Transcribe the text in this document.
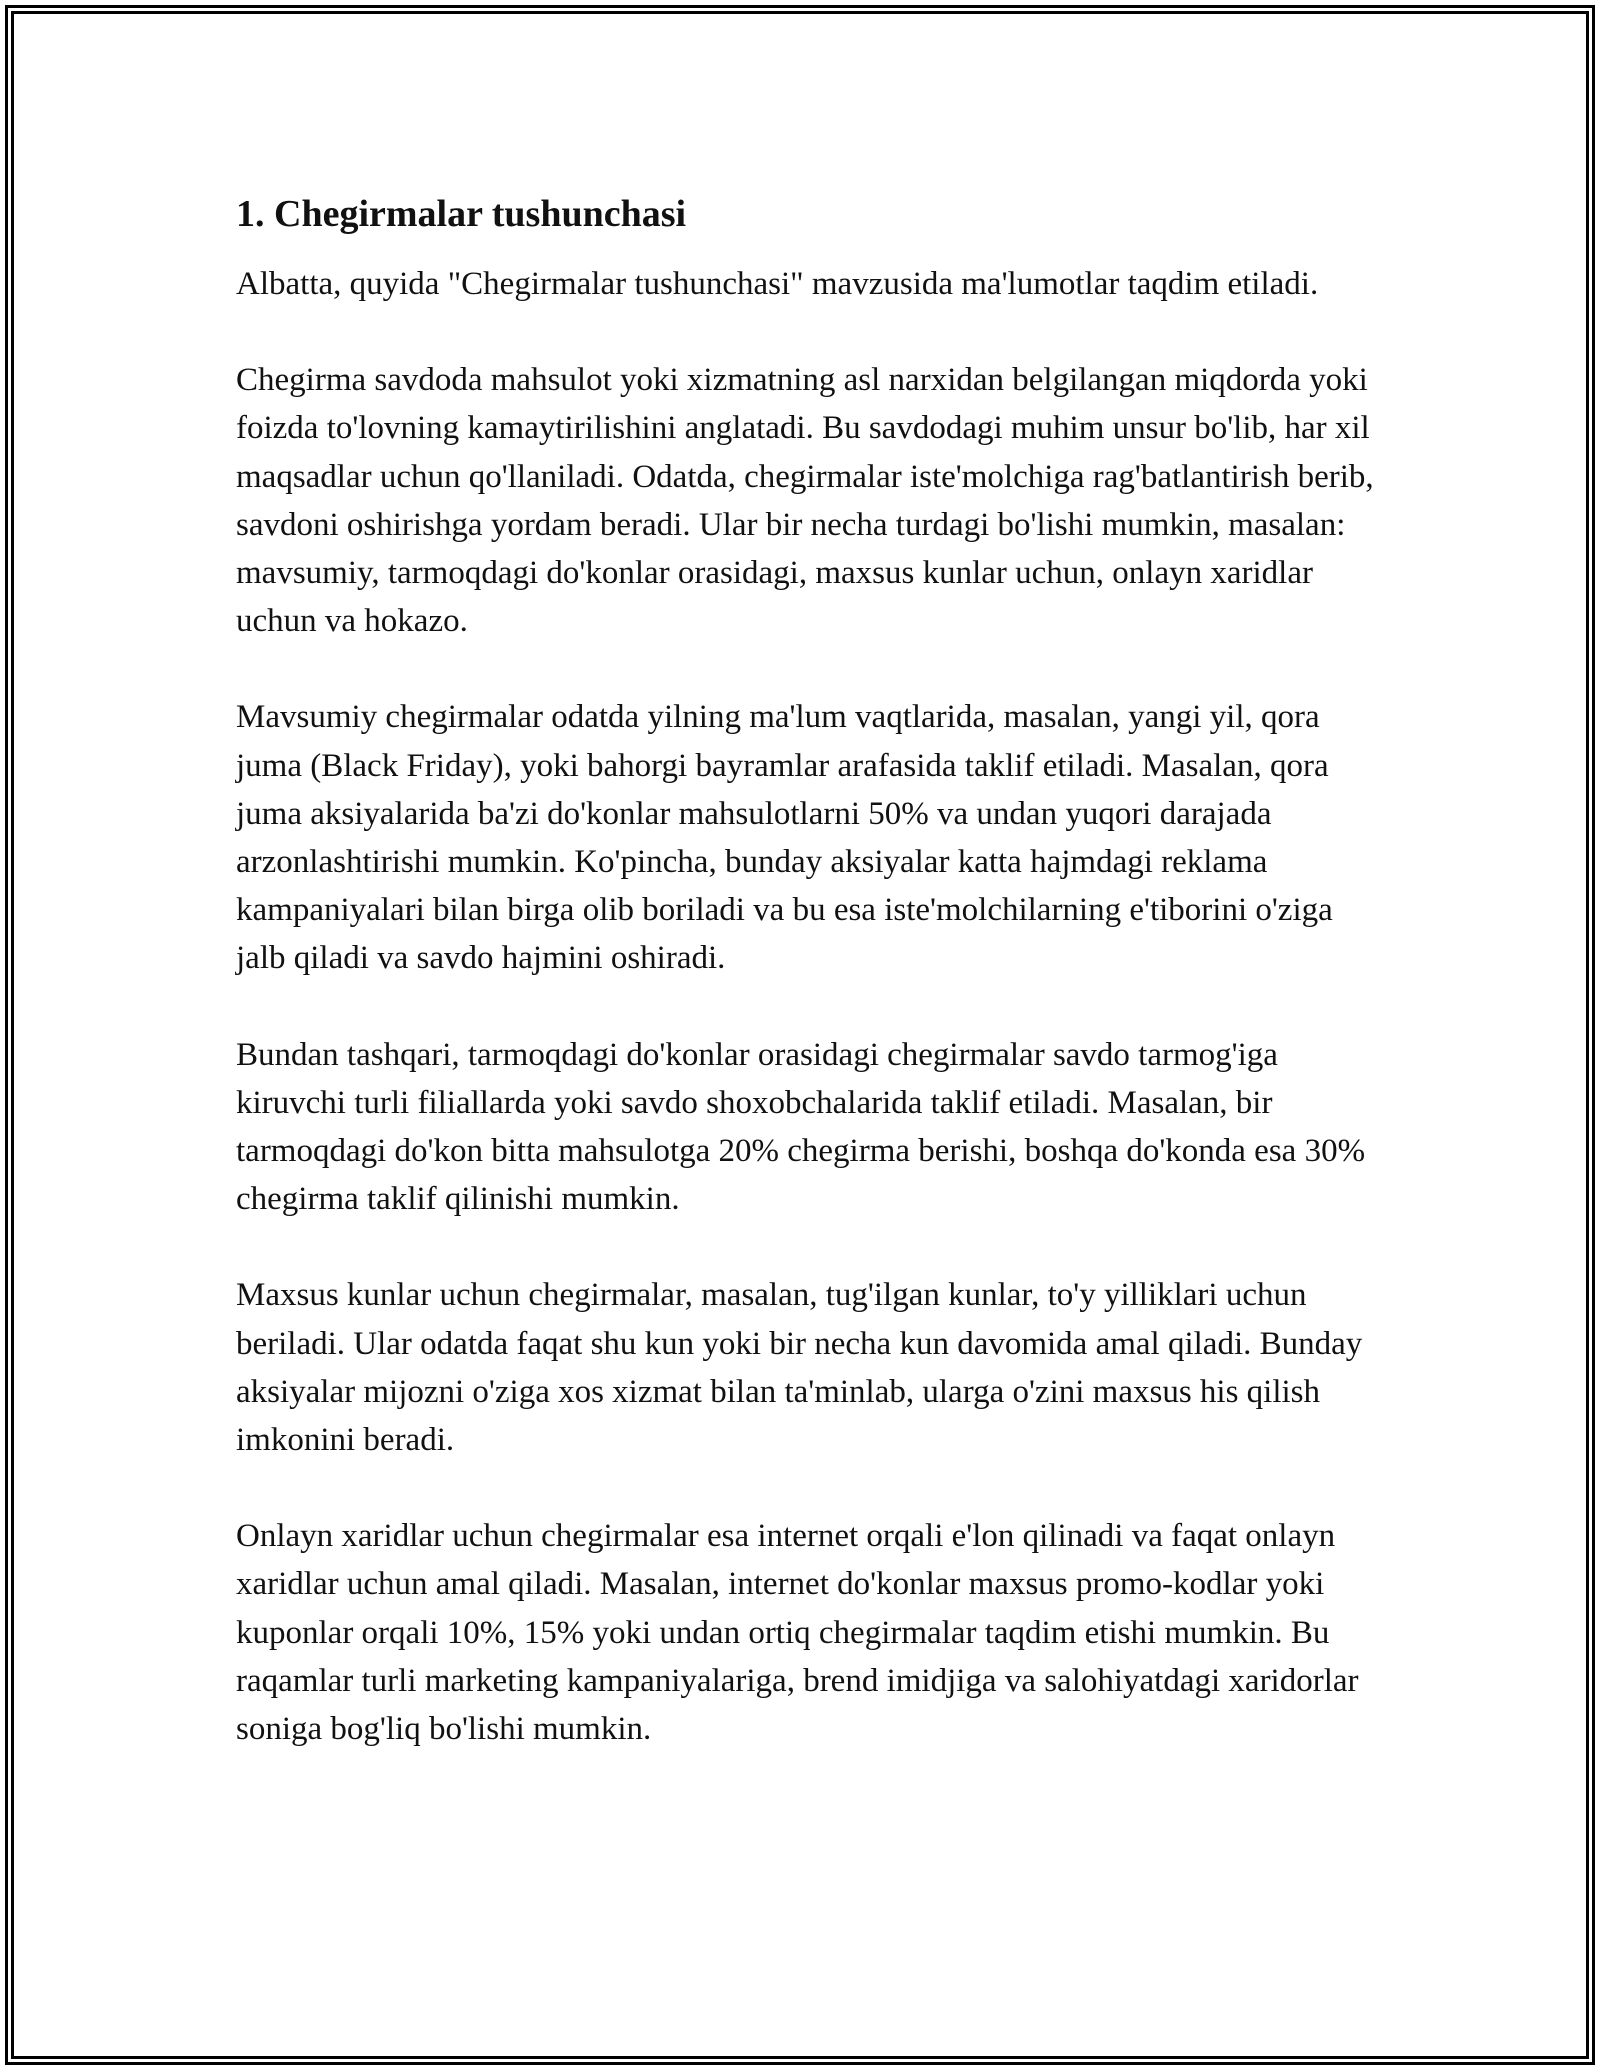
1. Chegirmalar tushunchasi

Albatta, quyida "Chegirmalar tushunchasi" mavzusida ma'lumotlar taqdim etiladi.

Chegirma savdoda mahsulot yoki xizmatning asl narxidan belgilangan miqdorda yoki foizda to'lovning kamaytirilishini anglatadi. Bu savdodagi muhim unsur bo'lib, har xil maqsadlar uchun qo'llaniladi. Odatda, chegirmalar iste'molchiga rag'batlantirish berib, savdoni oshirishga yordam beradi. Ular bir necha turdagi bo'lishi mumkin, masalan: mavsumiy, tarmoqdagi do'konlar orasidagi, maxsus kunlar uchun, onlayn xaridlar uchun va hokazo.

Mavsumiy chegirmalar odatda yilning ma'lum vaqtlarida, masalan, yangi yil, qora juma (Black Friday), yoki bahorgi bayramlar arafasida taklif etiladi. Masalan, qora juma aksiyalarida ba'zi do'konlar mahsulotlarni 50% va undan yuqori darajada arzonlashtirishi mumkin. Ko'pincha, bunday aksiyalar katta hajmdagi reklama kampaniyalari bilan birga olib boriladi va bu esa iste'molchilarning e'tiborini o'ziga jalb qiladi va savdo hajmini oshiradi.

Bundan tashqari, tarmoqdagi do'konlar orasidagi chegirmalar savdo tarmog'iga kiruvchi turli filiallarda yoki savdo shoxobchalarida taklif etiladi. Masalan, bir tarmoqdagi do'kon bitta mahsulotga 20% chegirma berishi, boshqa do'konda esa 30% chegirma taklif qilinishi mumkin.

Maxsus kunlar uchun chegirmalar, masalan, tug'ilgan kunlar, to'y yilliklari uchun beriladi. Ular odatda faqat shu kun yoki bir necha kun davomida amal qiladi. Bunday aksiyalar mijozni o'ziga xos xizmat bilan ta'minlab, ularga o'zini maxsus his qilish imkonini beradi.

Onlayn xaridlar uchun chegirmalar esa internet orqali e'lon qilinadi va faqat onlayn xaridlar uchun amal qiladi. Masalan, internet do'konlar maxsus promo-kodlar yoki kuponlar orqali 10%, 15% yoki undan ortiq chegirmalar taqdim etishi mumkin. Bu raqamlar turli marketing kampaniyalariga, brend imidjiga va salohiyatdagi xaridorlar soniga bog'liq bo'lishi mumkin.
